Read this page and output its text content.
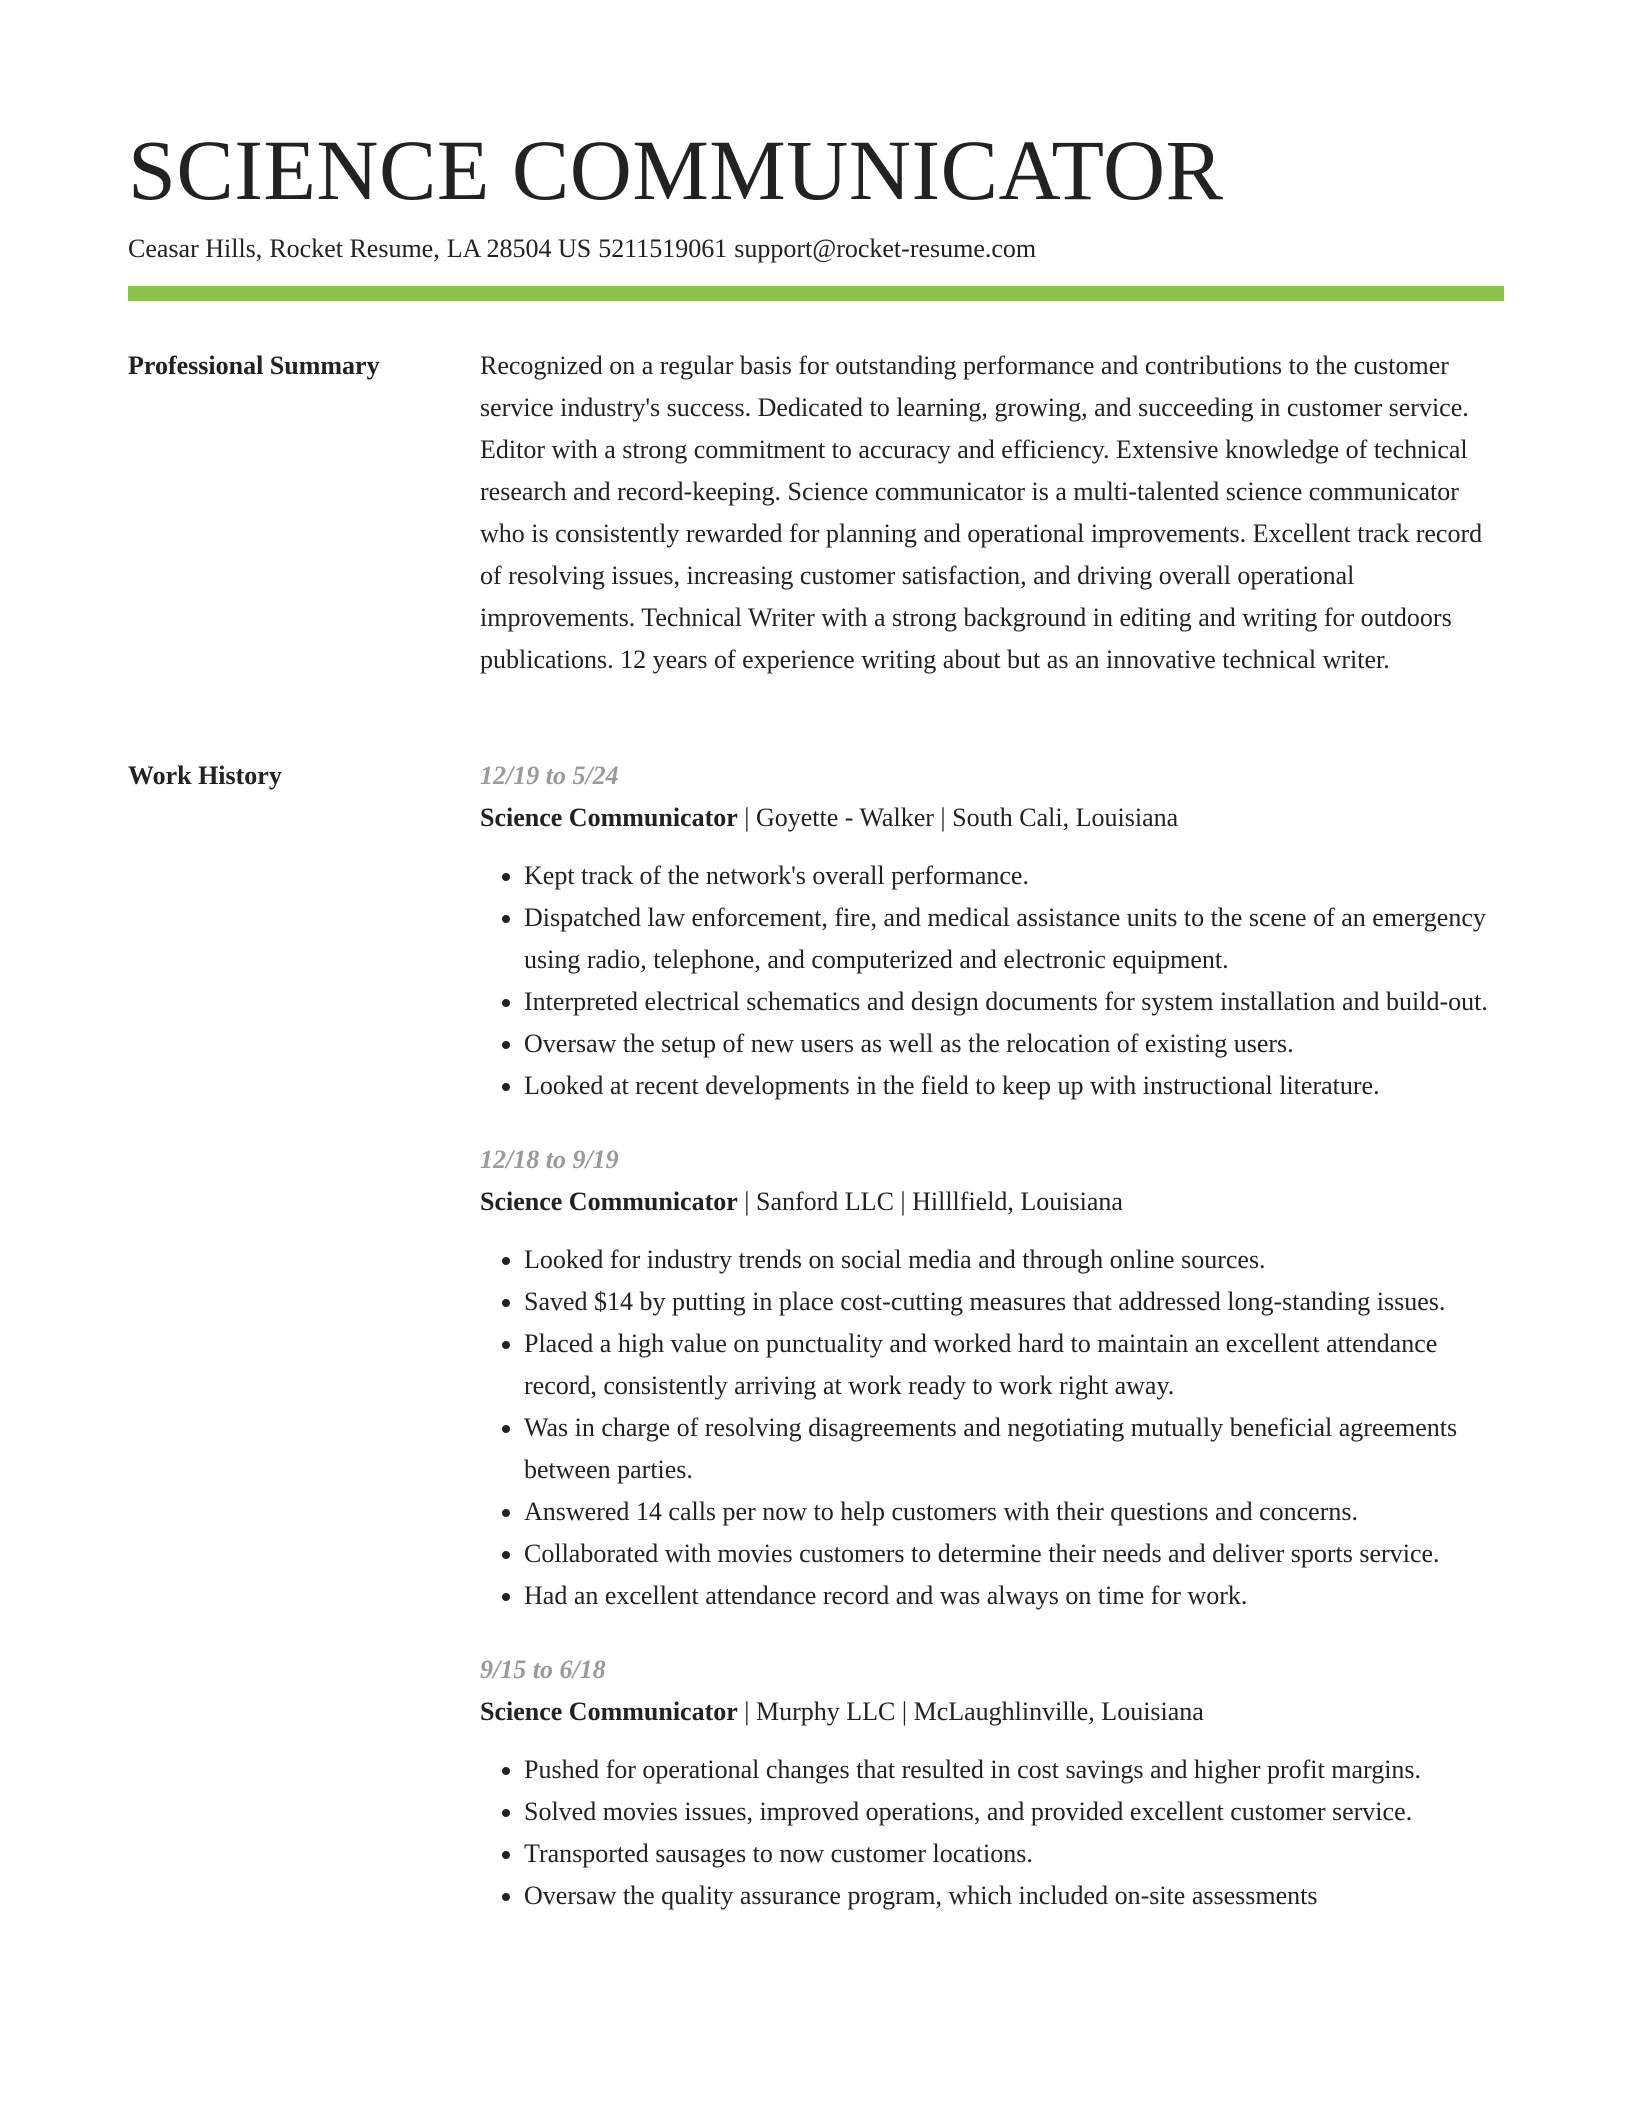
SCIENCE COMMUNICATOR
Ceasar Hills, Rocket Resume, LA 28504 US 5211519061 support@rocket-resume.com
Professional Summary	Recognized on a regular basis for outstanding performance and contributions to the customer service industry's success. Dedicated to learning, growing, and succeeding in customer service. Editor with a strong commitment to accuracy and efficiency. Extensive knowledge of technical research and record-keeping. Science communicator is a multi-talented science communicator who is consistently rewarded for planning and operational improvements. Excellent track record of resolving issues, increasing customer satisfaction, and driving overall operational improvements. Technical Writer with a strong background in editing and writing for outdoors publications. 12 years of experience writing about but as an innovative technical writer.

Work History	12/19 to 5/24
Science Communicator | Goyette - Walker | South Cali, Louisiana
• Kept track of the network's overall performance.
• Dispatched law enforcement, fire, and medical assistance units to the scene of an emergency using radio, telephone, and computerized and electronic equipment.
• Interpreted electrical schematics and design documents for system installation and build-out.
• Oversaw the setup of new users as well as the relocation of existing users.
• Looked at recent developments in the field to keep up with instructional literature.
12/18 to 9/19
Science Communicator | Sanford LLC | Hilllfield, Louisiana
• Looked for industry trends on social media and through online sources.
• Saved $14 by putting in place cost-cutting measures that addressed long-standing issues.
• Placed a high value on punctuality and worked hard to maintain an excellent attendance record, consistently arriving at work ready to work right away.
• Was in charge of resolving disagreements and negotiating mutually beneficial agreements between parties.
• Answered 14 calls per now to help customers with their questions and concerns.
• Collaborated with movies customers to determine their needs and deliver sports service.
• Had an excellent attendance record and was always on time for work.
9/15 to 6/18
Science Communicator | Murphy LLC | McLaughlinville, Louisiana
• Pushed for operational changes that resulted in cost savings and higher profit margins.
• Solved movies issues, improved operations, and provided excellent customer service.
• Transported sausages to now customer locations.
• Oversaw the quality assurance program, which included on-site assessments
